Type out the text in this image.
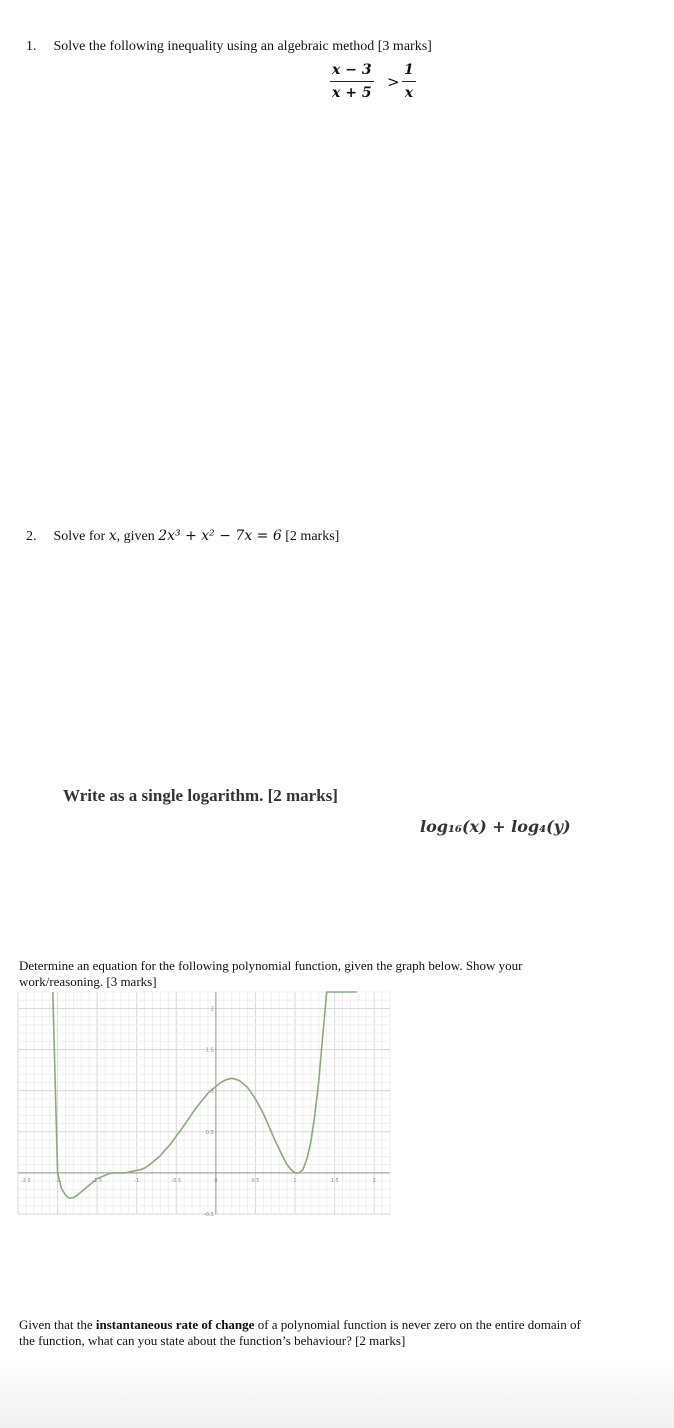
1. Solve the following inequality using an algebraic method [3 marks]
x − 3
x + 5
>
1
x
2. Solve for x, given 2x³ + x² − 7x = 6 [2 marks]
Write as a single logarithm. [2 marks]
log₁₆(x) + log₄(y)
Determine an equation for the following polynomial function, given the graph below. Show your
work/reasoning. [3 marks]
-2.5	-2	-1.5	-1	-0.5	0	0.5	1	1.5	2
2
1.5
1
0.5
-0.5
Given that the instantaneous rate of change of a polynomial function is never zero on the entire domain of
the function, what can you state about the function’s behaviour? [2 marks]
